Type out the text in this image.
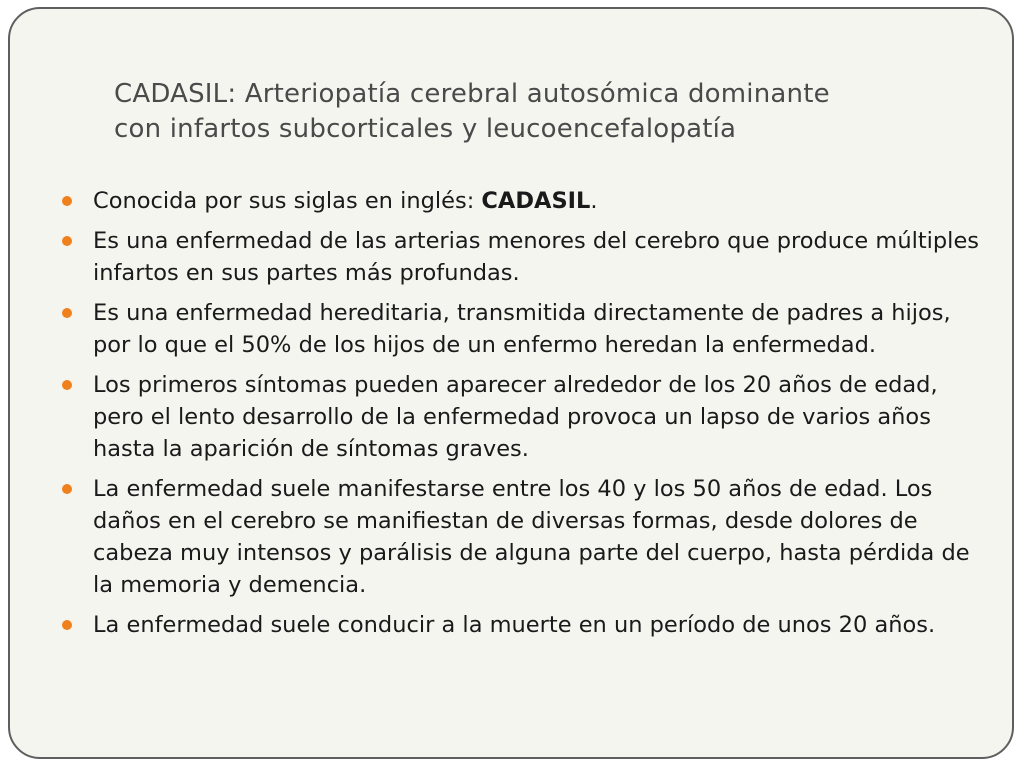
CADASIL: Arteriopatía cerebral autosómica dominante
con infartos subcorticales y leucoencefalopatía
Conocida por sus siglas en inglés: CADASIL.
Es una enfermedad de las arterias menores del cerebro que produce múltiples infartos en sus partes más profundas.
Es una enfermedad hereditaria, transmitida directamente de padres a hijos, por lo que el 50% de los hijos de un enfermo heredan la enfermedad.
Los primeros síntomas pueden aparecer alrededor de los 20 años de edad, pero el lento desarrollo de la enfermedad provoca un lapso de varios años hasta la aparición de síntomas graves.
La enfermedad suele manifestarse entre los 40 y los 50 años de edad. Los daños en el cerebro se manifiestan de diversas formas, desde dolores de cabeza muy intensos y parálisis de alguna parte del cuerpo, hasta pérdida de la memoria y demencia.
La enfermedad suele conducir a la muerte en un período de unos 20 años.
